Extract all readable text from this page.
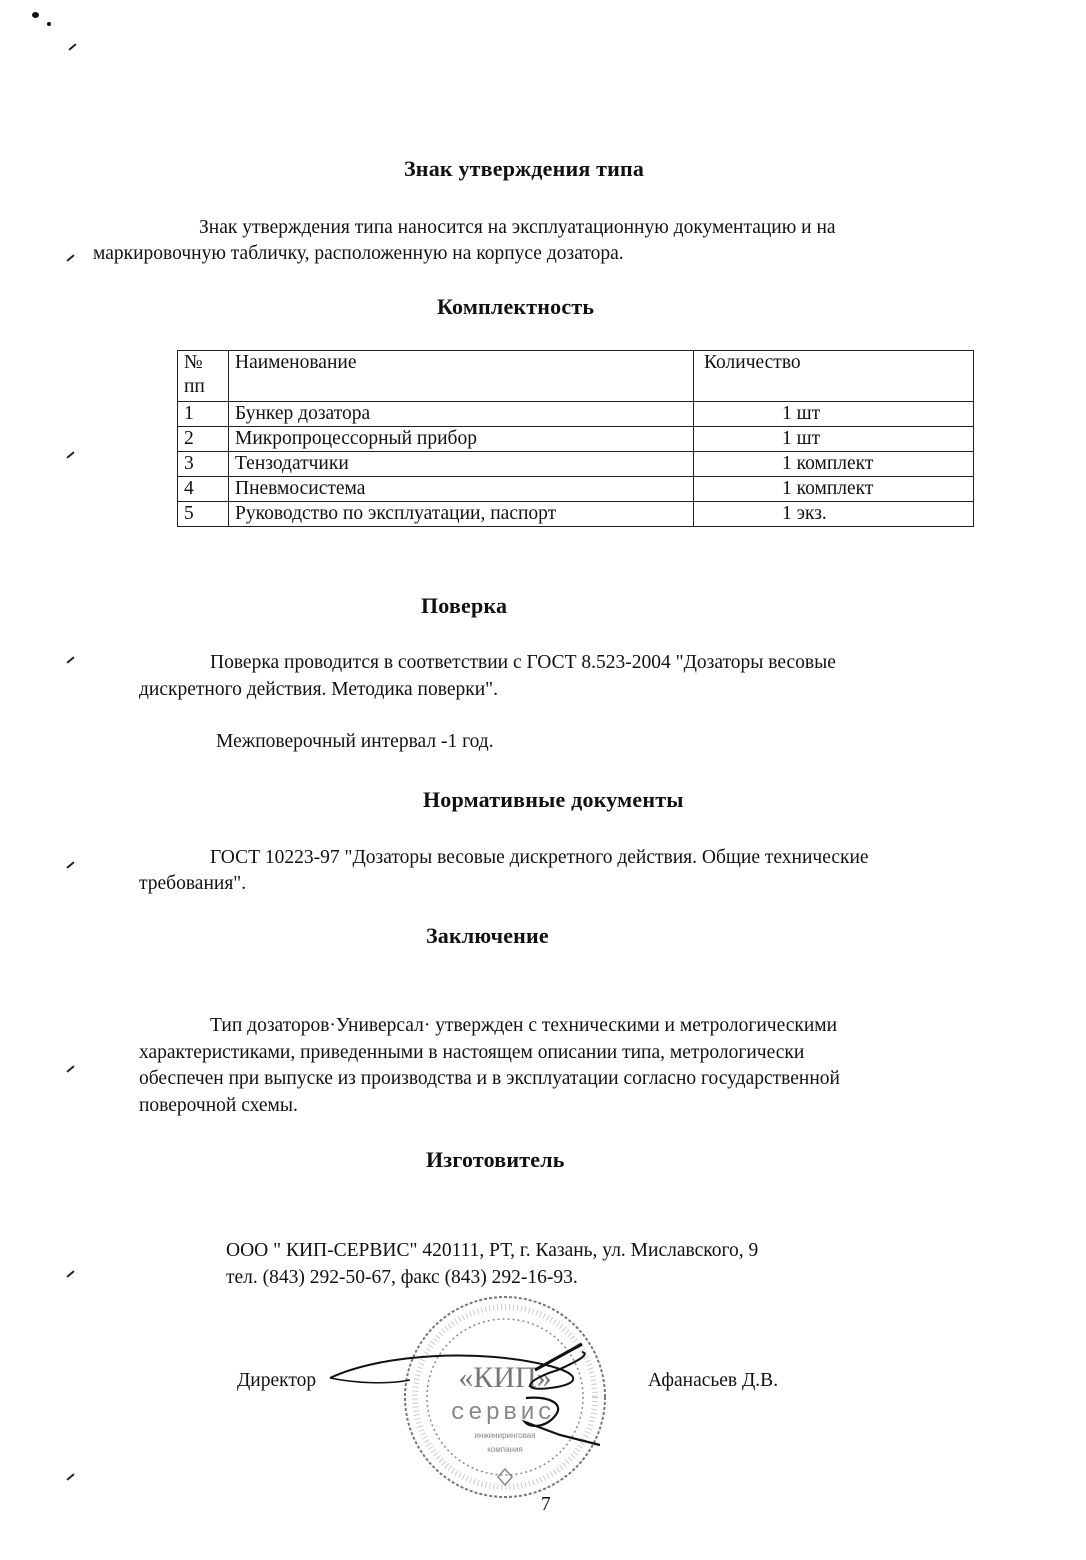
Знак утверждения типа
Знак утверждения типа наносится на эксплуатационную документацию и на
маркировочную табличку, расположенную на корпусе дозатора.
Комплектность
№
пп	Наименование	Количество
1	Бункер дозатора	1 шт
2	Микропроцессорный прибор	1 шт
3	Тензодатчики	1 комплект
4	Пневмосистема	1 комплект
5	Руководство по эксплуатации, паспорт	1 экз.
Поверка
Поверка проводится в соответствии с ГОСТ 8.523-2004 "Дозаторы весовые
дискретного действия. Методика поверки".
Межповерочный интервал -1 год.
Нормативные документы
ГОСТ 10223-97 "Дозаторы весовые дискретного действия. Общие технические
требования".
Заключение
Тип дозаторов·Универсал· утвержден с техническими и метрологическими
характеристиками, приведенными в настоящем описании типа, метрологически
обеспечен при выпуске из производства и в эксплуатации согласно государственной
поверочной схемы.
Изготовитель
ООО " КИП-СЕРВИС" 420111, РТ, г. Казань, ул. Миславского, 9
тел. (843) 292-50-67, факс (843) 292-16-93.
«КИП»
сервис
инжиниринговая
компания
Директор	Афанасьев Д.В.
7
